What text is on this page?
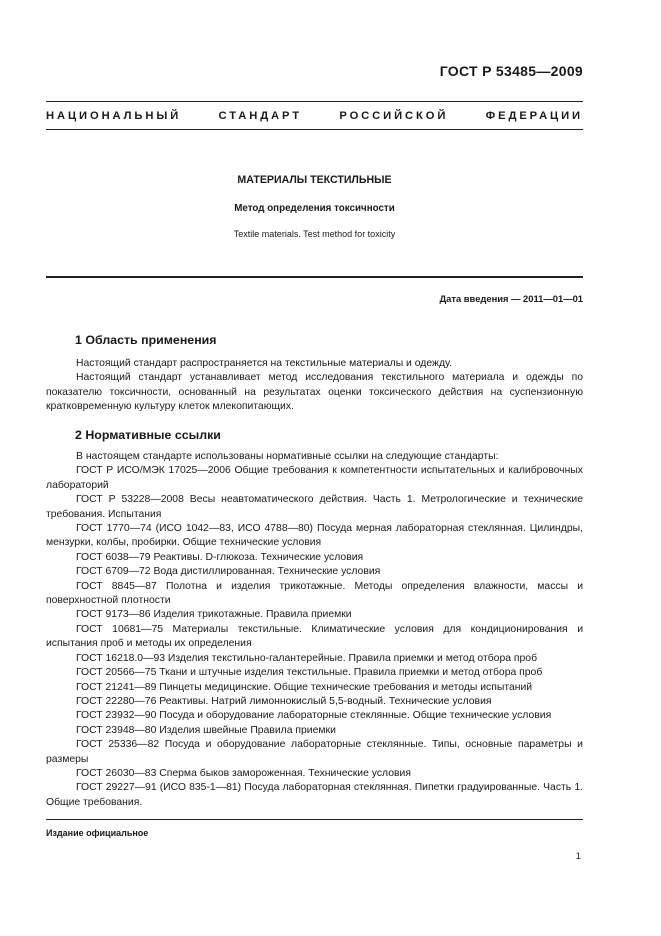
ГОСТ Р 53485—2009
НАЦИОНАЛЬНЫЙ СТАНДАРТ РОССИЙСКОЙ ФЕДЕРАЦИИ
МАТЕРИАЛЫ ТЕКСТИЛЬНЫЕ
Метод определения токсичности
Textile materials. Test method for toxicity
Дата введения — 2011—01—01
1 Область применения

Настоящий стандарт распространяется на текстильные материалы и одежду.

Настоящий стандарт устанавливает метод исследования текстильного материала и одежды по показателю токсичности, основанный на результатах оценки токсического действия на суспензионную кратковременную культуру клеток млекопитающих.

2 Нормативные ссылки

В настоящем стандарте использованы нормативные ссылки на следующие стандарты:

ГОСТ Р ИСО/МЭК 17025—2006 Общие требования к компетентности испытательных и калибровочных лабораторий

ГОСТ Р 53228—2008 Весы неавтоматического действия. Часть 1. Метрологические и технические требования. Испытания

ГОСТ 1770—74 (ИСО 1042—83, ИСО 4788—80) Посуда мерная лабораторная стеклянная. Цилиндры, мензурки, колбы, пробирки. Общие технические условия

ГОСТ 6038—79 Реактивы. D-глюкоза. Технические условия

ГОСТ 6709—72 Вода дистиллированная. Технические условия

ГОСТ 8845—87 Полотна и изделия трикотажные. Методы определения влажности, массы и поверхностной плотности

ГОСТ 9173—86 Изделия трикотажные. Правила приемки

ГОСТ 10681—75 Материалы текстильные. Климатические условия для кондиционирования и испытания проб и методы их определения

ГОСТ 16218.0—93 Изделия текстильно-галантерейные. Правила приемки и метод отбора проб

ГОСТ 20566—75 Ткани и штучные изделия текстильные. Правила приемки и метод отбора проб

ГОСТ 21241—89 Пинцеты медицинские. Общие технические требования и методы испытаний

ГОСТ 22280—76 Реактивы. Натрий лимоннокислый 5,5-водный. Технические условия

ГОСТ 23932—90 Посуда и оборудование лабораторные стеклянные. Общие технические условия

ГОСТ 23948—80 Изделия швейные Правила приемки

ГОСТ 25336—82 Посуда и оборудование лабораторные стеклянные. Типы, основные параметры и размеры

ГОСТ 26030—83 Сперма быков замороженная. Технические условия

ГОСТ 29227—91 (ИСО 835-1—81) Посуда лабораторная стеклянная. Пипетки градуированные. Часть 1. Общие требования.

Издание официальное
1
